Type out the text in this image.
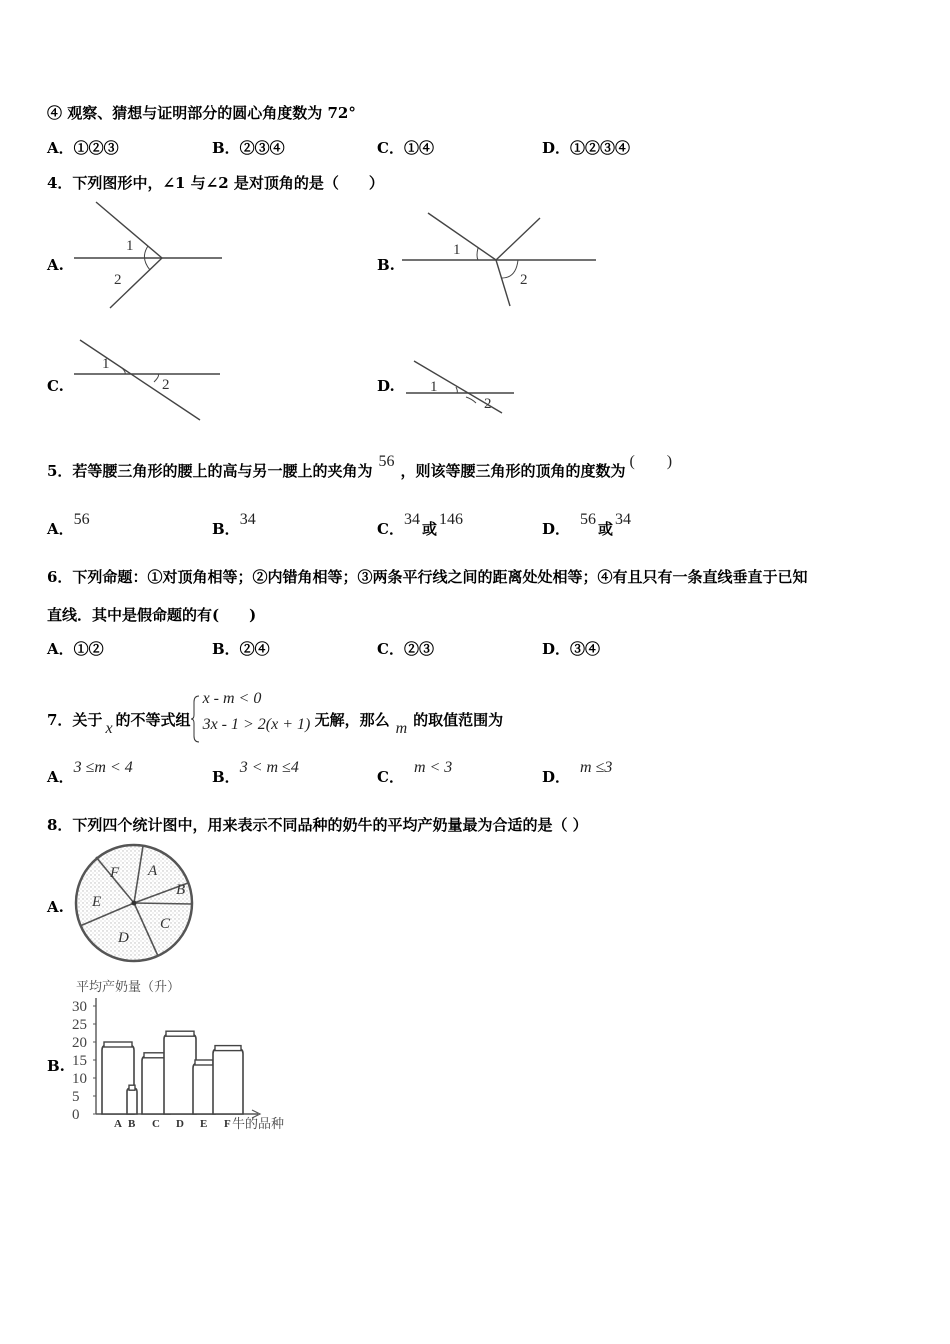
④ 观察、猜想与证明部分的圆心角度数为 72°
A．①②③	B．②③④	C．①④	D．①②③④
4．下列图形中，∠1 与∠2 是对顶角的是（　　）
A.
1
2
B.
1
2
C.
1
2	D. 1
2
5．若等腰三角形的腰上的高与另一腰上的夹角为56，则该等腰三角形的顶角的度数为(　　)
A．56
B．34
C．34或146
D．56或34
6．下列命题：①对顶角相等；②内错角相等；③两条平行线之间的距离处处相等；④有且只有一条直线垂直于已知
直线．其中是假命题的有(　　)
A．①②	B．②④	C．②③	D．③④
7．关于 x 的不等式组
x - m < 0
3x - 1 > 2(x + 1) 无解，那么 m 的取值范围为
A．3 ≤m < 4
B．3 < m ≤4
C．m < 3
D．m ≤3
8．下列四个统计图中，用来表示不同品种的奶牛的平均产奶量最为合适的是（ ）
A.
A
B
C
D
E
F
B.
平均产奶量（升）
0
5
10
15
20
25
30
A B C D E F 牛的品种
